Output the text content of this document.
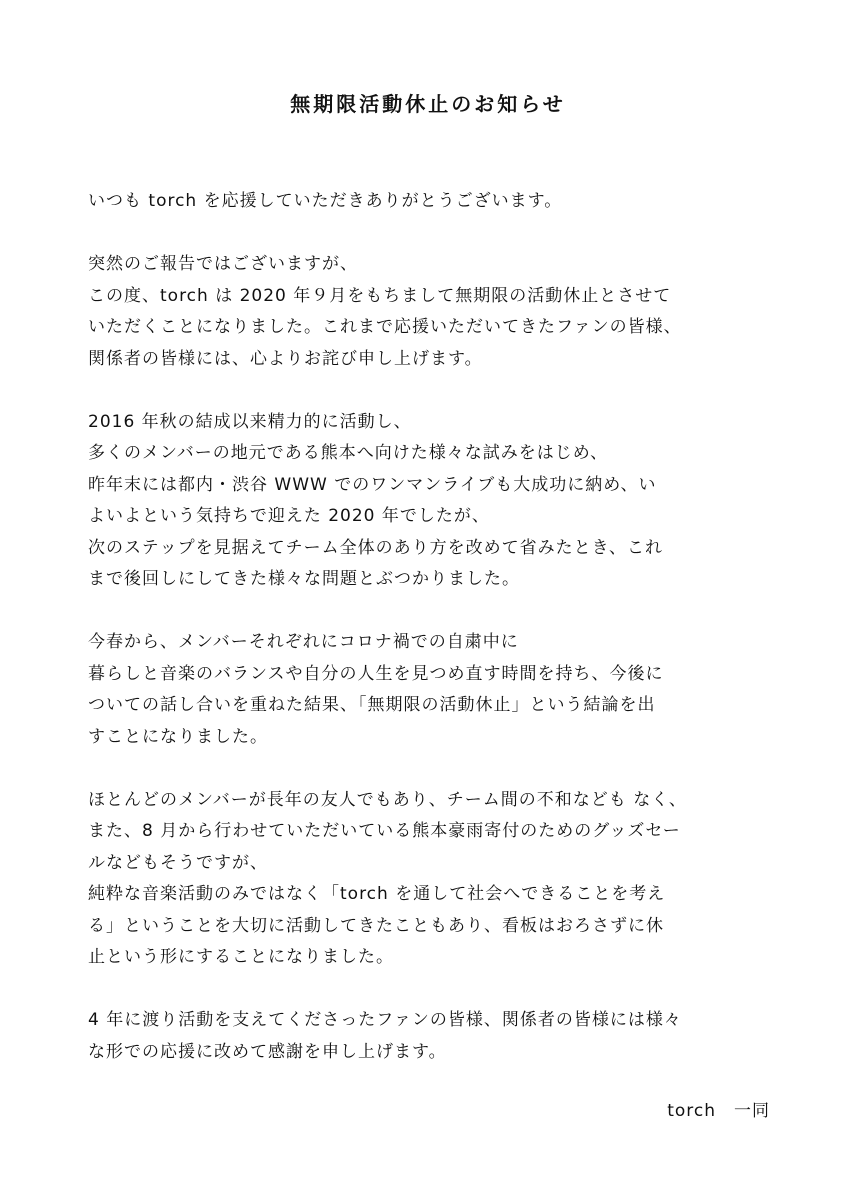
無期限活動休止のお知らせ
いつも torch を応援していただきありがとうございます。
突然のご報告ではございますが、
この度、torch は 2020 年９月をもちまして無期限の活動休止とさせて
いただくことになりました。これまで応援いただいてきたファンの皆様、
関係者の皆様には、心よりお詫び申し上げます。
2016 年秋の結成以来精力的に活動し、
多くのメンバーの地元である熊本へ向けた様々な試みをはじめ、
昨年末には都内・渋谷 WWW でのワンマンライブも大成功に納め、い
よいよという気持ちで迎えた 2020 年でしたが、
次のステップを見据えてチーム全体のあり方を改めて省みたとき、これ
まで後回しにしてきた様々な問題とぶつかりました。
今春から、メンバーそれぞれにコロナ禍での自粛中に
暮らしと音楽のバランスや自分の人生を見つめ直す時間を持ち、今後に
ついての話し合いを重ねた結果、「無期限の活動休止」という結論を出
すことになりました。
ほとんどのメンバーが長年の友人でもあり、チーム間の不和なども なく、
また、8 月から行わせていただいている熊本豪雨寄付のためのグッズセー
ルなどもそうですが、
純粋な音楽活動のみではなく「torch を通して社会へできることを考え
る」ということを大切に活動してきたこともあり、看板はおろさずに休
止という形にすることになりました。
4 年に渡り活動を支えてくださったファンの皆様、関係者の皆様には様々
な形での応援に改めて感謝を申し上げます。
torch　一同
